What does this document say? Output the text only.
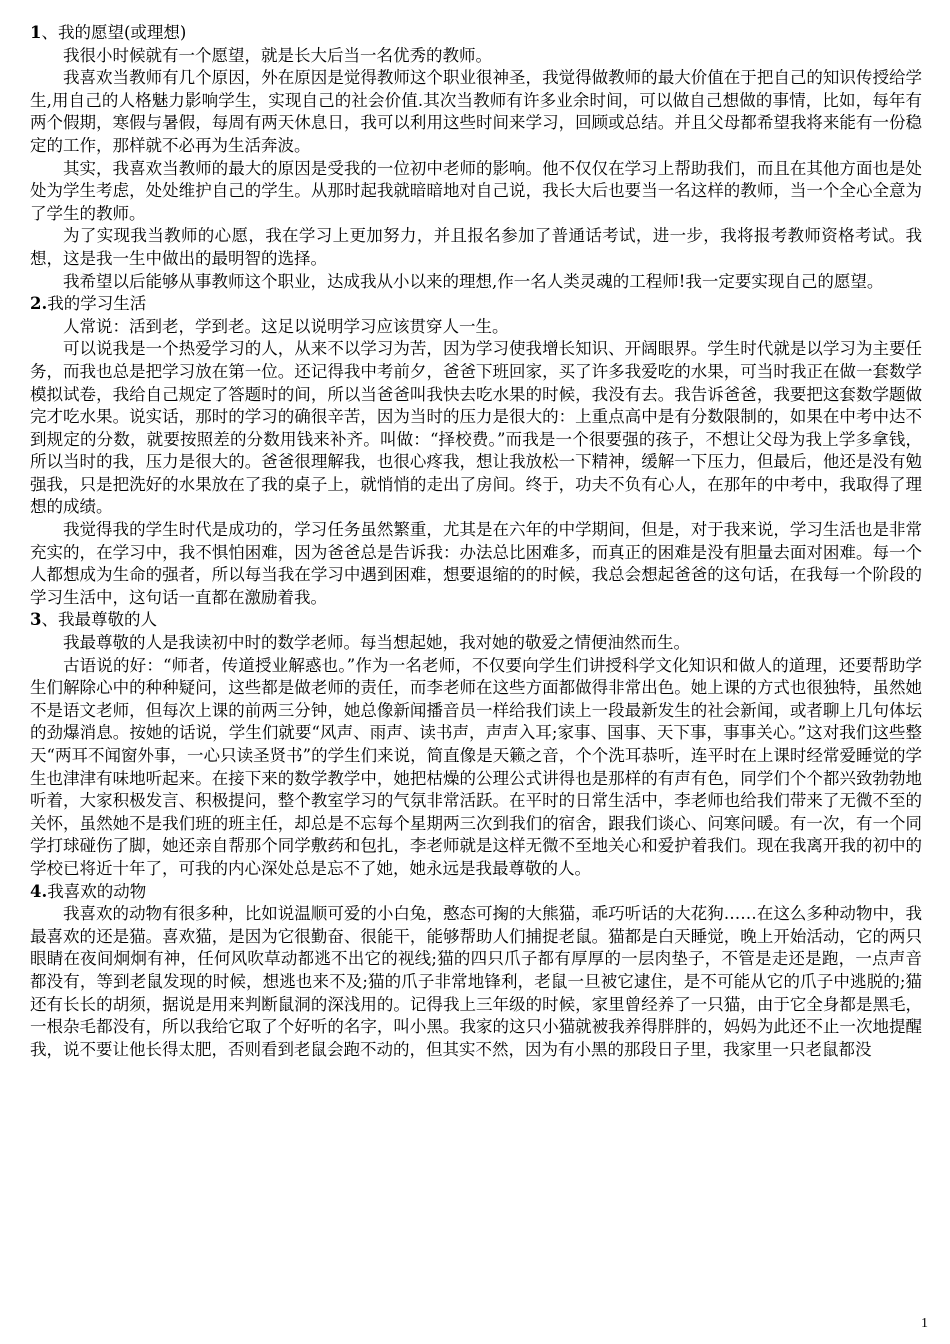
1、我的愿望(或理想)

我很小时候就有一个愿望，就是长大后当一名优秀的教师。

我喜欢当教师有几个原因，外在原因是觉得教师这个职业很神圣，我觉得做教师的最大价值在于把自己的知识传授给学生,用自己的人格魅力影响学生，实现自己的社会价值.其次当教师有许多业余时间，可以做自己想做的事情，比如，每年有两个假期，寒假与暑假，每周有两天休息日，我可以利用这些时间来学习，回顾或总结。并且父母都希望我将来能有一份稳定的工作，那样就不必再为生活奔波。

其实，我喜欢当教师的最大的原因是受我的一位初中老师的影响。他不仅仅在学习上帮助我们，而且在其他方面也是处处为学生考虑，处处维护自己的学生。从那时起我就暗暗地对自己说，我长大后也要当一名这样的教师，当一个全心全意为了学生的教师。

为了实现我当教师的心愿，我在学习上更加努力，并且报名参加了普通话考试，进一步，我将报考教师资格考试。我想，这是我一生中做出的最明智的选择。

我希望以后能够从事教师这个职业，达成我从小以来的理想,作一名人类灵魂的工程师!我一定要实现自己的愿望。

2.我的学习生活

人常说：活到老，学到老。这足以说明学习应该贯穿人一生。

可以说我是一个热爱学习的人，从来不以学习为苦，因为学习使我增长知识、开阔眼界。学生时代就是以学习为主要任务，而我也总是把学习放在第一位。还记得我中考前夕，爸爸下班回家，买了许多我爱吃的水果，可当时我正在做一套数学模拟试卷，我给自己规定了答题时的间，所以当爸爸叫我快去吃水果的时候，我没有去。我告诉爸爸，我要把这套数学题做完才吃水果。说实话，那时的学习的确很辛苦，因为当时的压力是很大的：上重点高中是有分数限制的，如果在中考中达不到规定的分数，就要按照差的分数用钱来补齐。叫做：“择校费。”而我是一个很要强的孩子，不想让父母为我上学多拿钱，所以当时的我，压力是很大的。爸爸很理解我，也很心疼我，想让我放松一下精神，缓解一下压力，但最后，他还是没有勉强我，只是把洗好的水果放在了我的桌子上，就悄悄的走出了房间。终于，功夫不负有心人，在那年的中考中，我取得了理想的成绩。

我觉得我的学生时代是成功的，学习任务虽然繁重，尤其是在六年的中学期间，但是，对于我来说，学习生活也是非常充实的，在学习中，我不惧怕困难，因为爸爸总是告诉我：办法总比困难多，而真正的困难是没有胆量去面对困难。每一个人都想成为生命的强者，所以每当我在学习中遇到困难，想要退缩的的时候，我总会想起爸爸的这句话，在我每一个阶段的学习生活中，这句话一直都在激励着我。

3、我最尊敬的人

我最尊敬的人是我读初中时的数学老师。每当想起她，我对她的敬爱之情便油然而生。

古语说的好：“师者，传道授业解惑也。”作为一名老师，不仅要向学生们讲授科学文化知识和做人的道理，还要帮助学生们解除心中的种种疑问，这些都是做老师的责任，而李老师在这些方面都做得非常出色。她上课的方式也很独特，虽然她不是语文老师，但每次上课的前两三分钟，她总像新闻播音员一样给我们读上一段最新发生的社会新闻，或者聊上几句体坛的劲爆消息。按她的话说，学生们就要“风声、雨声、读书声，声声入耳;家事、国事、天下事，事事关心。”这对我们这些整天“两耳不闻窗外事，一心只读圣贤书”的学生们来说，简直像是天籁之音，个个洗耳恭听，连平时在上课时经常爱睡觉的学生也津津有味地听起来。在接下来的数学教学中，她把枯燥的公理公式讲得也是那样的有声有色，同学们个个都兴致勃勃地听着，大家积极发言、积极提问，整个教室学习的气氛非常活跃。在平时的日常生活中，李老师也给我们带来了无微不至的关怀，虽然她不是我们班的班主任，却总是不忘每个星期两三次到我们的宿舍，跟我们谈心、问寒问暖。有一次，有一个同学打球碰伤了脚，她还亲自帮那个同学敷药和包扎，李老师就是这样无微不至地关心和爱护着我们。现在我离开我的初中的学校已将近十年了，可我的内心深处总是忘不了她，她永远是我最尊敬的人。

4.我喜欢的动物

我喜欢的动物有很多种，比如说温顺可爱的小白兔，憨态可掬的大熊猫，乖巧听话的大花狗……在这么多种动物中，我最喜欢的还是猫。喜欢猫，是因为它很勤奋、很能干，能够帮助人们捕捉老鼠。猫都是白天睡觉，晚上开始活动，它的两只眼睛在夜间炯炯有神，任何风吹草动都逃不出它的视线;猫的四只爪子都有厚厚的一层肉垫子，不管是走还是跑，一点声音都没有，等到老鼠发现的时候，想逃也来不及;猫的爪子非常地锋利，老鼠一旦被它逮住，是不可能从它的爪子中逃脱的;猫还有长长的胡须，据说是用来判断鼠洞的深浅用的。记得我上三年级的时候，家里曾经养了一只猫，由于它全身都是黑毛，一根杂毛都没有，所以我给它取了个好听的名字，叫小黑。我家的这只小猫就被我养得胖胖的，妈妈为此还不止一次地提醒我，说不要让他长得太肥，否则看到老鼠会跑不动的，但其实不然，因为有小黑的那段日子里，我家里一只老鼠都没

1
